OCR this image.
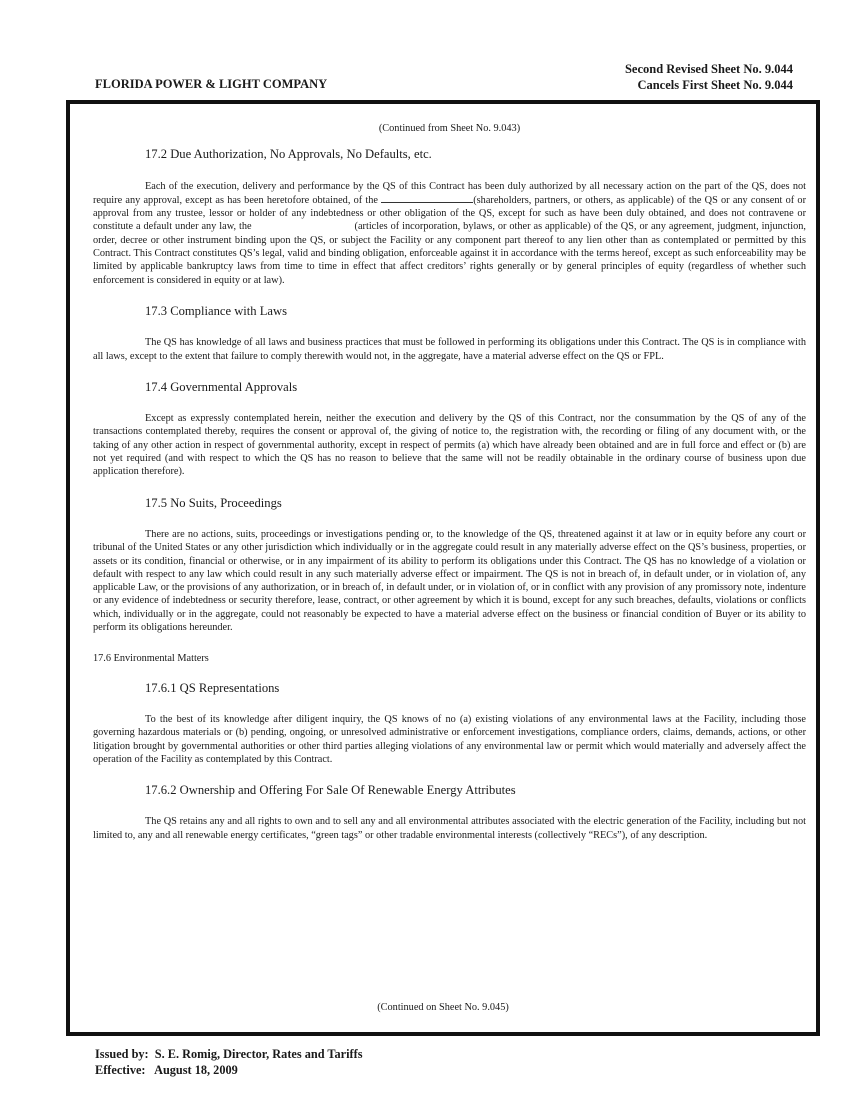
Second Revised Sheet No. 9.044
Cancels First Sheet No. 9.044
FLORIDA POWER & LIGHT COMPANY
(Continued from Sheet No. 9.043)
17.2 Due Authorization, No Approvals, No Defaults, etc.

Each of the execution, delivery and performance by the QS of this Contract has been duly authorized by all necessary action on the part of the QS, does not require any approval, except as has been heretofore obtained, of the	(shareholders, partners, or others, as applicable) of the QS or any consent of or approval from any trustee, lessor or holder of any indebtedness or other obligation of the QS, except for such as have been duly obtained, and does not contravene or constitute a default under any law, the	(articles of incorporation, bylaws, or other as applicable) of the QS, or any agreement, judgment, injunction, order, decree or other instrument binding upon the QS, or subject the Facility or any component part thereof to any lien other than as contemplated or permitted by this Contract. This Contract constitutes QS’s legal, valid and binding obligation, enforceable against it in accordance with the terms hereof, except as such enforceability may be limited by applicable bankruptcy laws from time to time in effect that affect creditors’ rights generally or by general principles of equity (regardless of whether such enforcement is considered in equity or at law).

17.3 Compliance with Laws

The QS has knowledge of all laws and business practices that must be followed in performing its obligations under this Contract. The QS is in compliance with all laws, except to the extent that failure to comply therewith would not, in the aggregate, have a material adverse effect on the QS or FPL.

17.4 Governmental Approvals

Except as expressly contemplated herein, neither the execution and delivery by the QS of this Contract, nor the consummation by the QS of any of the transactions contemplated thereby, requires the consent or approval of, the giving of notice to, the registration with, the recording or filing of any document with, or the taking of any other action in respect of governmental authority, except in respect of permits (a) which have already been obtained and are in full force and effect or (b) are not yet required (and with respect to which the QS has no reason to believe that the same will not be readily obtainable in the ordinary course of business upon due application therefore).

17.5 No Suits, Proceedings

There are no actions, suits, proceedings or investigations pending or, to the knowledge of the QS, threatened against it at law or in equity before any court or tribunal of the United States or any other jurisdiction which individually or in the aggregate could result in any materially adverse effect on the QS’s business, properties, or assets or its condition, financial or otherwise, or in any impairment of its ability to perform its obligations under this Contract. The QS has no knowledge of a violation or default with respect to any law which could result in any such materially adverse effect or impairment. The QS is not in breach of, in default under, or in violation of, any applicable Law, or the provisions of any authorization, or in breach of, in default under, or in violation of, or in conflict with any provision of any promissory note, indenture or any evidence of indebtedness or security therefore, lease, contract, or other agreement by which it is bound, except for any such breaches, defaults, violations or conflicts which, individually or in the aggregate, could not reasonably be expected to have a material adverse effect on the business or financial condition of Buyer or its ability to perform its obligations hereunder.

17.6 Environmental Matters
17.6.1 QS Representations

To the best of its knowledge after diligent inquiry, the QS knows of no (a) existing violations of any environmental laws at the Facility, including those governing hazardous materials or (b) pending, ongoing, or unresolved administrative or enforcement investigations, compliance orders, claims, demands, actions, or other litigation brought by governmental authorities or other third parties alleging violations of any environmental law or permit which would materially and adversely affect the operation of the Facility as contemplated by this Contract.

17.6.2 Ownership and Offering For Sale Of Renewable Energy Attributes

The QS retains any and all rights to own and to sell any and all environmental attributes associated with the electric generation of the Facility, including but not limited to, any and all renewable energy certificates, “green tags” or other tradable environmental interests (collectively “RECs”), of any description.

(Continued on Sheet No. 9.045)
Issued by:  S. E. Romig, Director, Rates and Tariffs
Effective:   August 18, 2009
